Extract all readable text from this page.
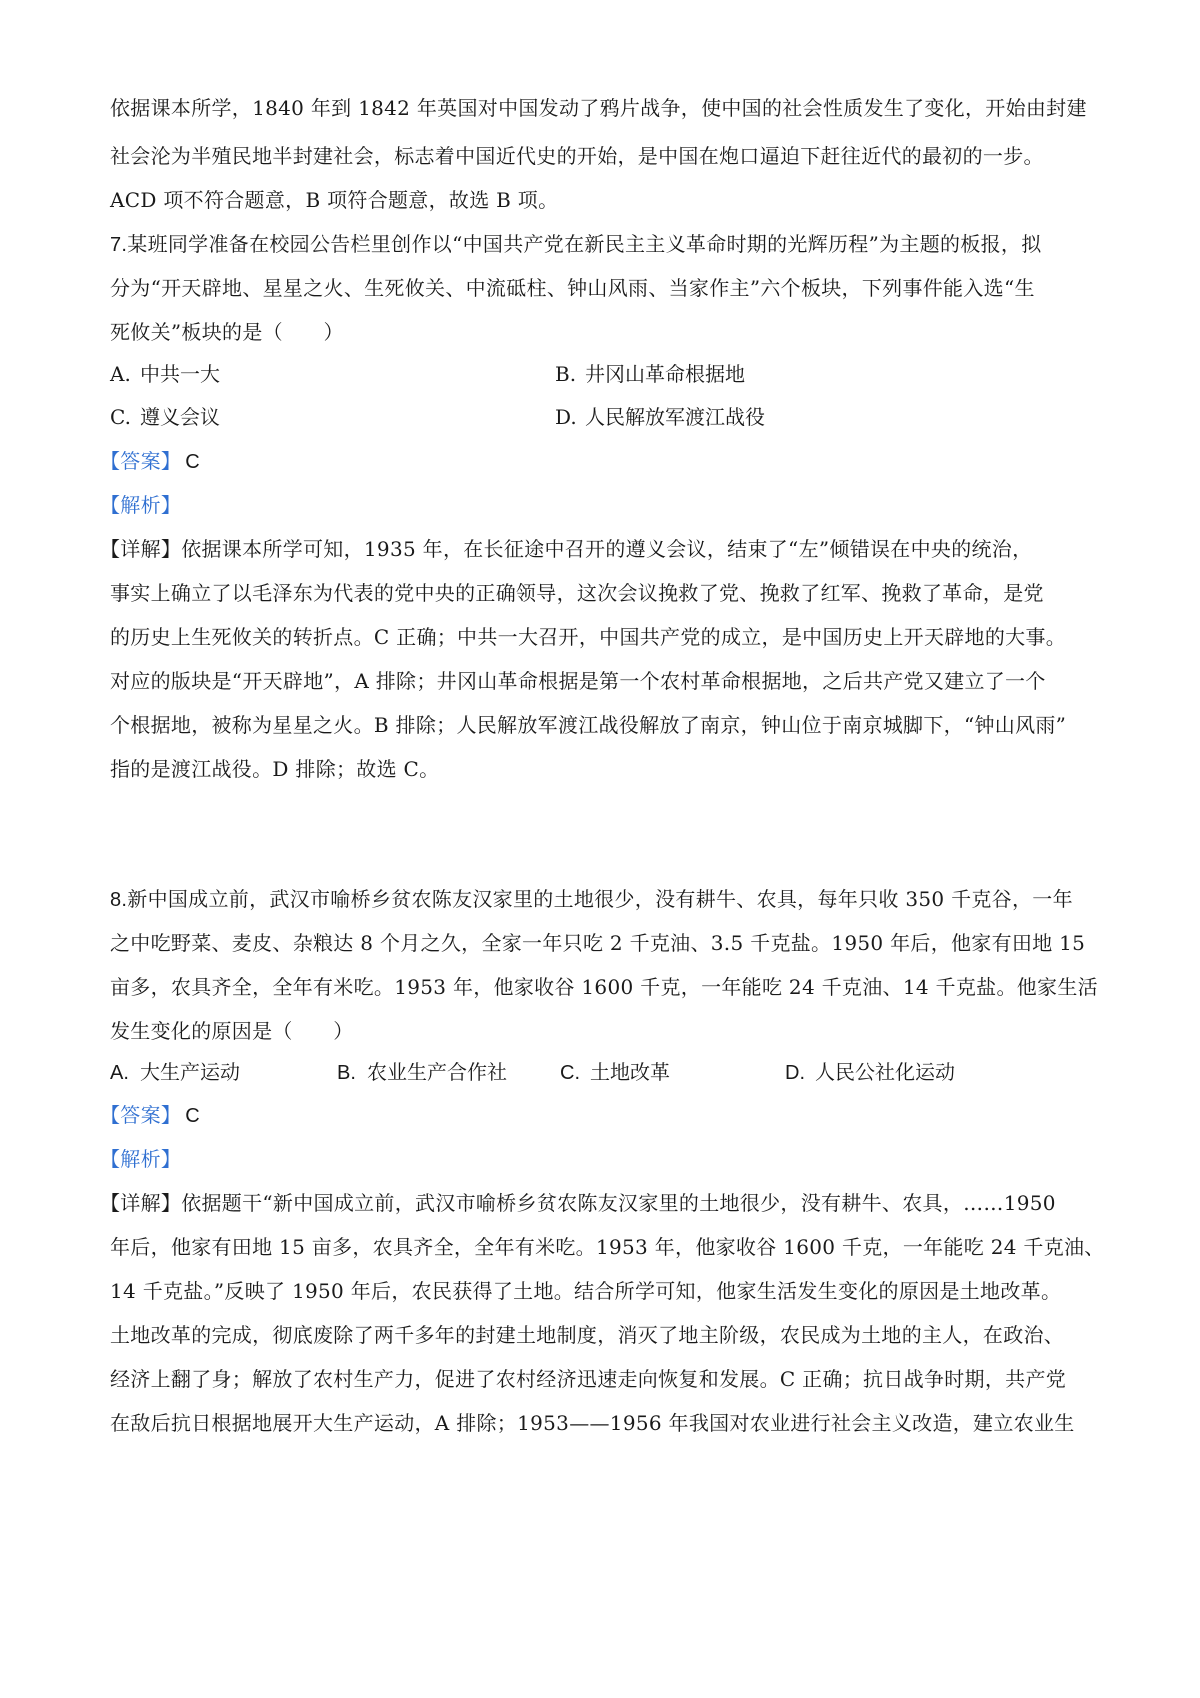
依据课本所学，1840 年到 1842 年英国对中国发动了鸦片战争，使中国的社会性质发生了变化，开始由封建
社会沦为半殖民地半封建社会，标志着中国近代史的开始，是中国在炮口逼迫下赶往近代的最初的一步。
ACD 项不符合题意，B 项符合题意，故选 B 项。
7.某班同学准备在校园公告栏里创作以“中国共产党在新民主主义革命时期的光辉历程”为主题的板报，拟
分为“开天辟地、星星之火、生死攸关、中流砥柱、钟山风雨、当家作主”六个板块，下列事件能入选“生
死攸关”板块的是（　　）
A. 中共一大	B. 井冈山革命根据地
C. 遵义会议	D. 人民解放军渡江战役
【答案】 C
【解析】
【详解】依据课本所学可知，1935 年，在长征途中召开的遵义会议，结束了“左”倾错误在中央的统治，
事实上确立了以毛泽东为代表的党中央的正确领导，这次会议挽救了党、挽救了红军、挽救了革命，是党
的历史上生死攸关的转折点。C 正确；中共一大召开，中国共产党的成立，是中国历史上开天辟地的大事。
对应的版块是“开天辟地”，A 排除；井冈山革命根据是第一个农村革命根据地，之后共产党又建立了一个
个根据地，被称为星星之火。B 排除；人民解放军渡江战役解放了南京，钟山位于南京城脚下，“钟山风雨”
指的是渡江战役。D 排除；故选 C。
8.新中国成立前，武汉市喻桥乡贫农陈友汉家里的土地很少，没有耕牛、农具，每年只收 350 千克谷，一年
之中吃野菜、麦皮、杂粮达 8 个月之久，全家一年只吃 2 千克油、3.5 千克盐。1950 年后，他家有田地 15
亩多，农具齐全，全年有米吃。1953 年，他家收谷 1600 千克，一年能吃 24 千克油、14 千克盐。他家生活
发生变化的原因是（　　）
A. 大生产运动	B. 农业生产合作社	C. 土地改革	D. 人民公社化运动
【答案】 C
【解析】
【详解】依据题干“新中国成立前，武汉市喻桥乡贫农陈友汉家里的土地很少，没有耕牛、农具，……1950
年后，他家有田地 15 亩多，农具齐全，全年有米吃。1953 年，他家收谷 1600 千克，一年能吃 24 千克油、
14 千克盐。”反映了 1950 年后，农民获得了土地。结合所学可知，他家生活发生变化的原因是土地改革。
土地改革的完成，彻底废除了两千多年的封建土地制度，消灭了地主阶级，农民成为土地的主人，在政治、
经济上翻了身；解放了农村生产力，促进了农村经济迅速走向恢复和发展。C 正确；抗日战争时期，共产党
在敌后抗日根据地展开大生产运动，A 排除；1953——1956 年我国对农业进行社会主义改造，建立农业生
